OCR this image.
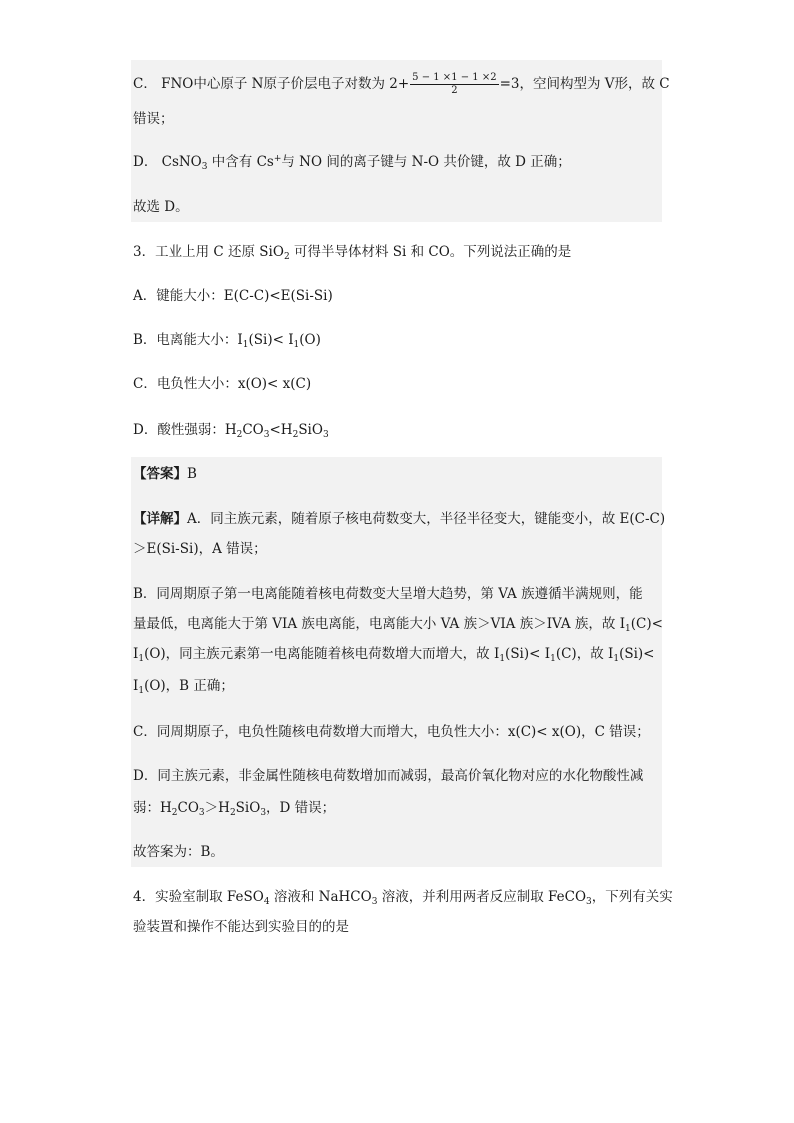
C． FNO中心原子 N原子价层电子对数为 $2+ \frac{5 - 1 \times 1 - 1 \times 2}{2} =3$，空间构型为 V形，故 C
错误；
D． CsNO$_3$ 中含有 Cs+与 NO 间的离子键与 N-O 共价键，故 D 正确；
故选 D。
3．工业上用 C 还原 SiO$_2$ 可得半导体材料 Si 和 CO。下列说法正确的是
A．键能大小：E(C-C)<E(Si-Si)
B．电离能大小：$I_1(Si)< I_1(O)$
C．电负性大小：x(O)< x(C)
D．酸性强弱：$H_2CO_3<H_2SiO_3$
【答案】B
【详解】A．同主族元素，随着原子核电荷数变大，半径半径变大，键能变小，故 E(C-C)
＞E(Si-Si)，A 错误；
B．同周期原子第一电离能随着核电荷数变大呈增大趋势，第 VA 族遵循半满规则，能
量最低，电离能大于第 VIA 族电离能，电离能大小 VA 族＞VIA 族＞IVA 族，故 $I_1(C)<$
$I_1(O)$，同主族元素第一电离能随着核电荷数增大而增大，故 $I_1(Si)< I_1(C)$，故 $I_1(Si)<$
$I_1(O)$，B 正确；
C．同周期原子，电负性随核电荷数增大而增大，电负性大小：x(C)< x(O)，C 错误；
D．同主族元素，非金属性随核电荷数增加而减弱，最高价氧化物对应的水化物酸性减
弱：$H_2CO_3>H_2SiO_3$，D 错误；
故答案为：B。
4．实验室制取 FeSO$_4$ 溶液和 NaHCO$_3$ 溶液，并利用两者反应制取 FeCO$_3$，下列有关实
验装置和操作不能达到实验目的的是
